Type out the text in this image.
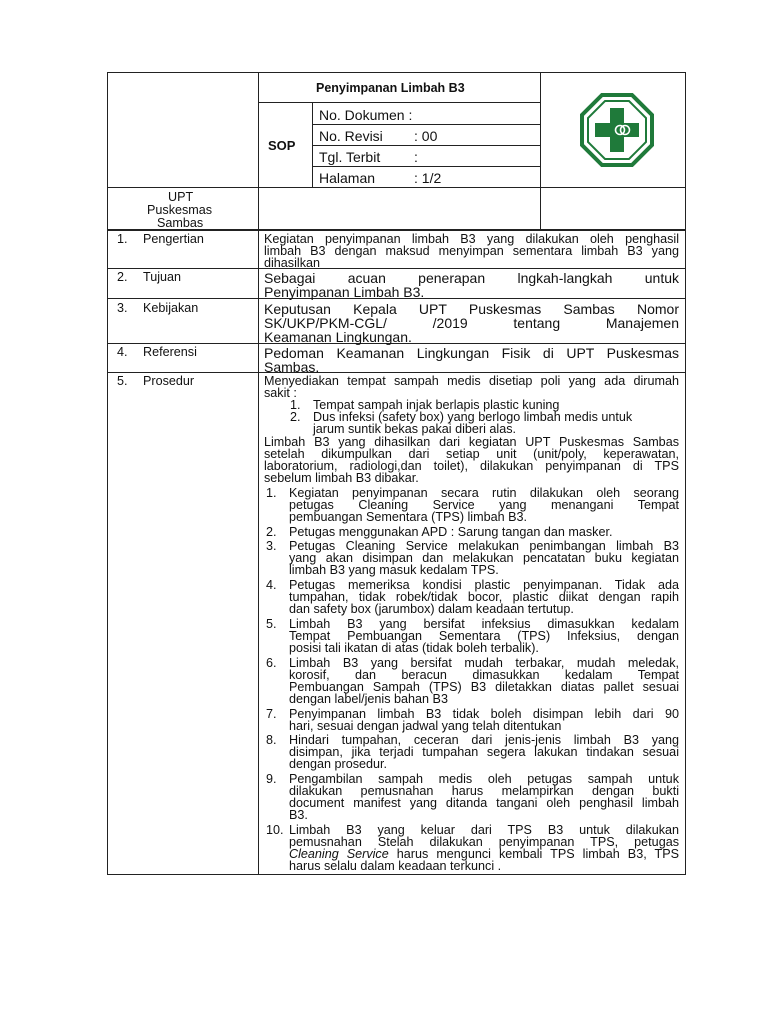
Penyimpanan Limbah B3
SOP
No. Dokumen :
No. Revisi : 00
Tgl. Terbit :
Halaman	: 1/2
UPT
Puskesmas
Sambas
1. Pengertian
2. Tujuan
3. Kebijakan
4. Referensi
5. Prosedur
Kegiatan penyimpanan limbah B3 yang dilakukan oleh penghasil
limbah B3 dengan maksud menyimpan sementara limbah B3 yang
dihasilkan
Sebagai acuan penerapan lngkah-langkah untuk
Penyimpanan Limbah B3.
Keputusan Kepala UPT Puskesmas Sambas Nomor
SK/UKP/PKM-CGL/ /2019 tentang Manajemen
Keamanan Lingkungan.
Pedoman Keamanan Lingkungan Fisik di UPT Puskesmas
Sambas.
Menyediakan tempat sampah medis disetiap poli yang ada dirumah
sakit :
1. Tempat sampah injak berlapis plastic kuning
2. Dus infeksi (safety box) yang berlogo limbah medis untuk
jarum suntik bekas pakai diberi alas.
Limbah B3 yang dihasilkan dari kegiatan UPT Puskesmas Sambas
setelah dikumpulkan dari setiap unit (unit/poly, keperawatan,
laboratorium, radiologi,dan toilet), dilakukan penyimpanan di TPS
sebelum limbah B3 dibakar.
1. Kegiatan penyimpanan secara rutin dilakukan oleh seorang
petugas Cleaning Service yang menangani Tempat
pembuangan Sementara (TPS) limbah B3.
2. Petugas menggunakan APD : Sarung tangan dan masker.
3. Petugas Cleaning Service melakukan penimbangan limbah B3
yang akan disimpan dan melakukan pencatatan buku kegiatan
limbah B3 yang masuk kedalam TPS.
4. Petugas memeriksa kondisi plastic penyimpanan. Tidak ada
tumpahan, tidak robek/tidak bocor, plastic diikat dengan rapih
dan safety box (jarumbox) dalam keadaan tertutup.
5. Limbah B3 yang bersifat infeksius dimasukkan kedalam
Tempat Pembuangan Sementara (TPS) Infeksius, dengan
posisi tali ikatan di atas (tidak boleh terbalik).
6. Limbah B3 yang bersifat mudah terbakar, mudah meledak,
korosif, dan beracun dimasukkan kedalam Tempat
Pembuangan Sampah (TPS) B3 diletakkan diatas pallet sesuai
dengan label/jenis bahan B3
7. Penyimpanan limbah B3 tidak boleh disimpan lebih dari 90
hari, sesuai dengan jadwal yang telah ditentukan
8. Hindari tumpahan, ceceran dari jenis-jenis limbah B3 yang
disimpan, jika terjadi tumpahan segera lakukan tindakan sesuai
dengan prosedur.
9. Pengambilan sampah medis oleh petugas sampah untuk
dilakukan pemusnahan harus melampirkan dengan bukti
document manifest yang ditanda tangani oleh penghasil limbah
B3.
10. Limbah B3 yang keluar dari TPS B3 untuk dilakukan
pemusnahan Stelah dilakukan penyimpanan TPS, petugas
Cleaning Service harus mengunci kembali TPS limbah B3, TPS
harus selalu dalam keadaan terkunci .
